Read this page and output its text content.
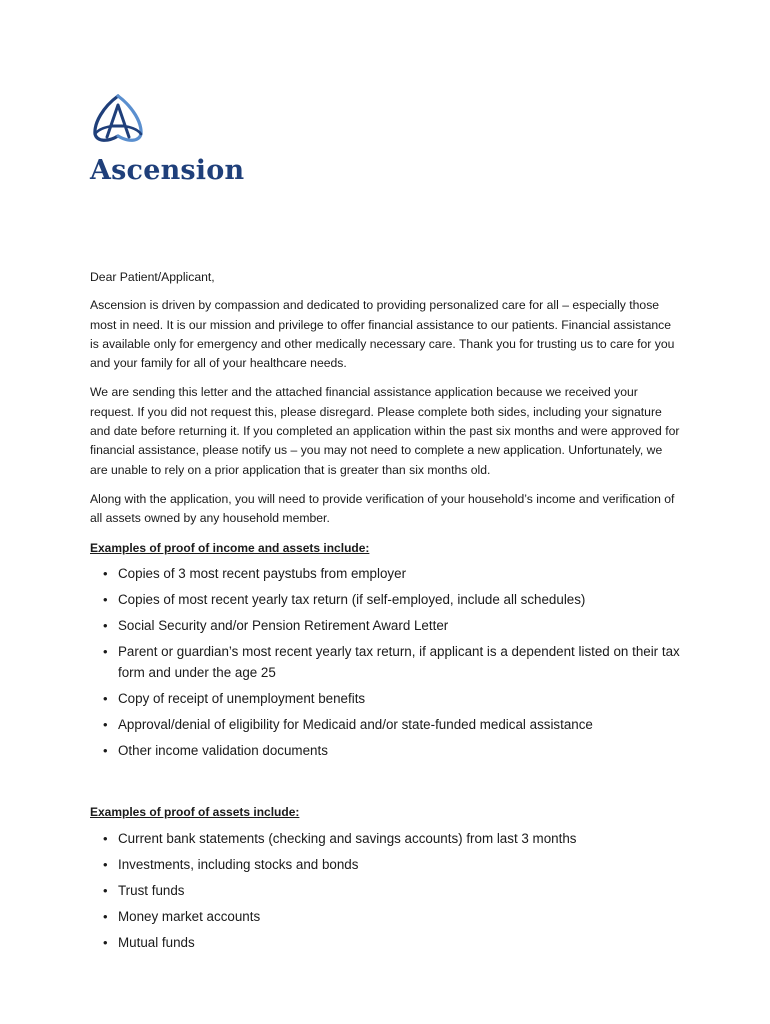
Ascension

Dear Patient/Applicant,

Ascension is driven by compassion and dedicated to providing personalized care for all – especially those most in need. It is our mission and privilege to offer financial assistance to our patients. Financial assistance is available only for emergency and other medically necessary care. Thank you for trusting us to care for you and your family for all of your healthcare needs.

We are sending this letter and the attached financial assistance application because we received your request. If you did not request this, please disregard. Please complete both sides, including your signature and date before returning it. If you completed an application within the past six months and were approved for financial assistance, please notify us – you may not need to complete a new application. Unfortunately, we are unable to rely on a prior application that is greater than six months old.

Along with the application, you will need to provide verification of your household’s income and verification of all assets owned by any household member.

Examples of proof of income and assets include:
• Copies of 3 most recent paystubs from employer
• Copies of most recent yearly tax return (if self-employed, include all schedules)
• Social Security and/or Pension Retirement Award Letter
• Parent or guardian’s most recent yearly tax return, if applicant is a dependent listed on their tax form and under the age 25
• Copy of receipt of unemployment benefits
• Approval/denial of eligibility for Medicaid and/or state-funded medical assistance
• Other income validation documents
Examples of proof of assets include:
• Current bank statements (checking and savings accounts) from last 3 months
• Investments, including stocks and bonds
• Trust funds
• Money market accounts
• Mutual funds
